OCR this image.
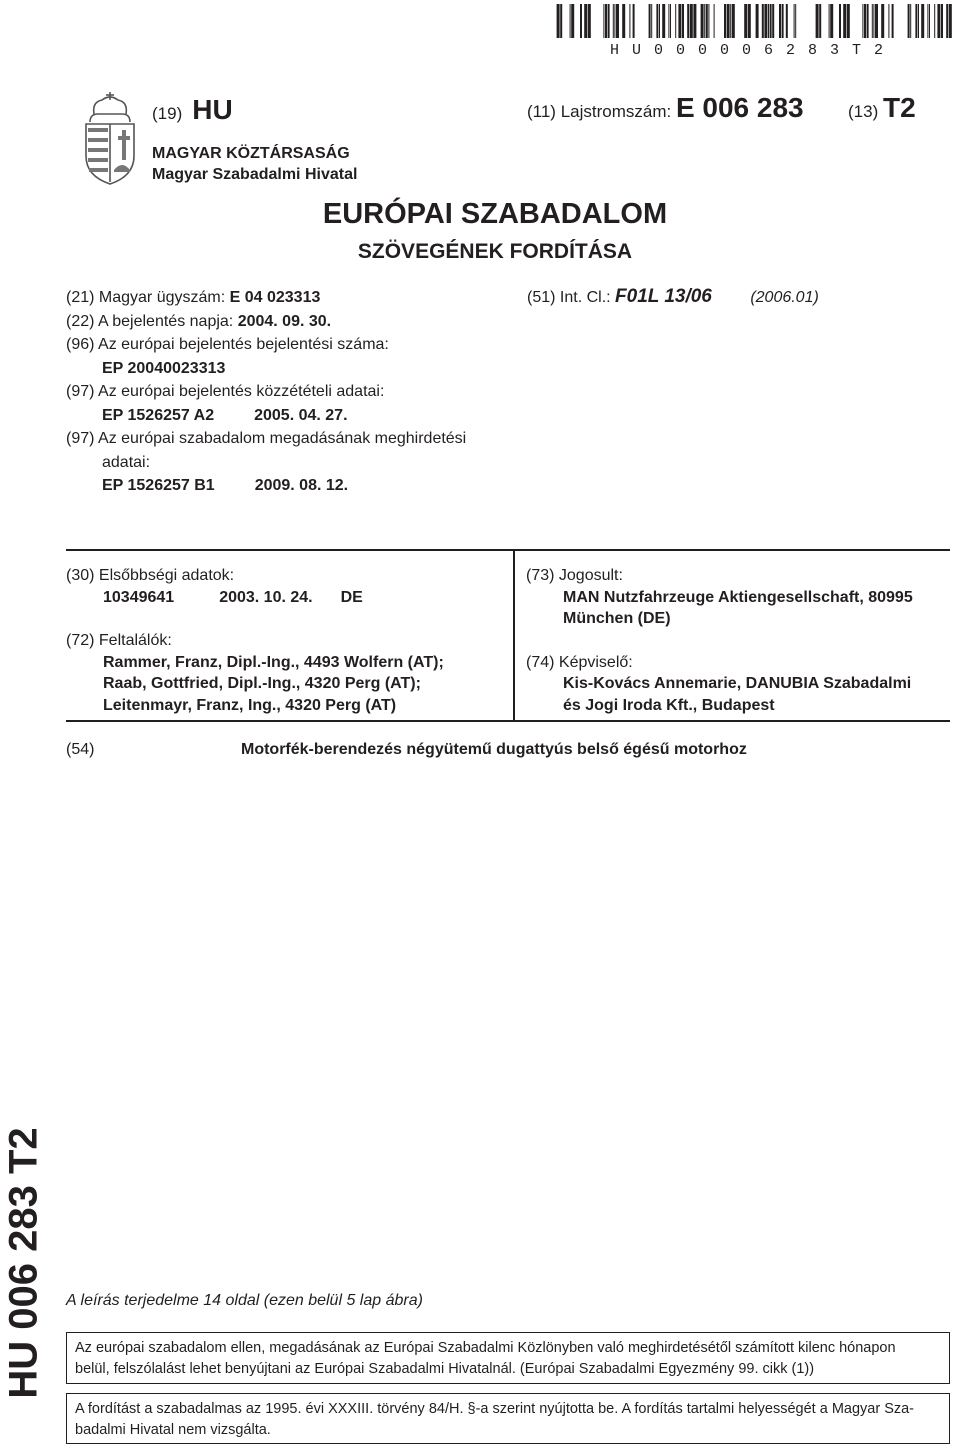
HU000006283T2
(19) HU
MAGYAR KÖZTÁRSASÁG
Magyar Szabadalmi Hivatal
(11) Lajstromszám: E 006 283	(13) T2
EURÓPAI SZABADALOM
SZÖVEGÉNEK FORDÍTÁSA
(21) Magyar ügyszám: E 04 023313
(22) A bejelentés napja: 2004. 09. 30.
(96) Az európai bejelentés bejelentési száma:
EP 20040023313
(97) Az európai bejelentés közzétételi adatai:
EP 1526257 A2	2005. 04. 27.
(97) Az európai szabadalom megadásának meghirdetési
adatai:
EP 1526257 B1	2009. 08. 12.
(51) Int. Cl.: F01L 13/06 (2006.01)
(30) Elsőbbségi adatok:
10349641	2003. 10. 24. DE
(72) Feltalálók:
Rammer, Franz, Dipl.-Ing., 4493 Wolfern (AT);
Raab, Gottfried, Dipl.-Ing., 4320 Perg (AT);
Leitenmayr, Franz, Ing., 4320 Perg (AT)
(73) Jogosult:
MAN Nutzfahrzeuge Aktiengesellschaft, 80995
München (DE)
(74) Képviselő:
Kis-Kovács Annemarie, DANUBIA Szabadalmi
és Jogi Iroda Kft., Budapest
(54)	Motorfék-berendezés négyütemű dugattyús belső égésű motorhoz
HU 006 283 T2 A leírás terjedelme 14 oldal (ezen belül 5 lap ábra)
Az európai szabadalom ellen, megadásának az Európai Szabadalmi Közlönyben való meghirdetésétől számított kilenc hónapon
belül, felszólalást lehet benyújtani az Európai Szabadalmi Hivatalnál. (Európai Szabadalmi Egyezmény 99. cikk (1))
A fordítást a szabadalmas az 1995. évi XXXIII. törvény 84/H. §-a szerint nyújtotta be. A fordítás tartalmi helyességét a Magyar Sza-
badalmi Hivatal nem vizsgálta.
